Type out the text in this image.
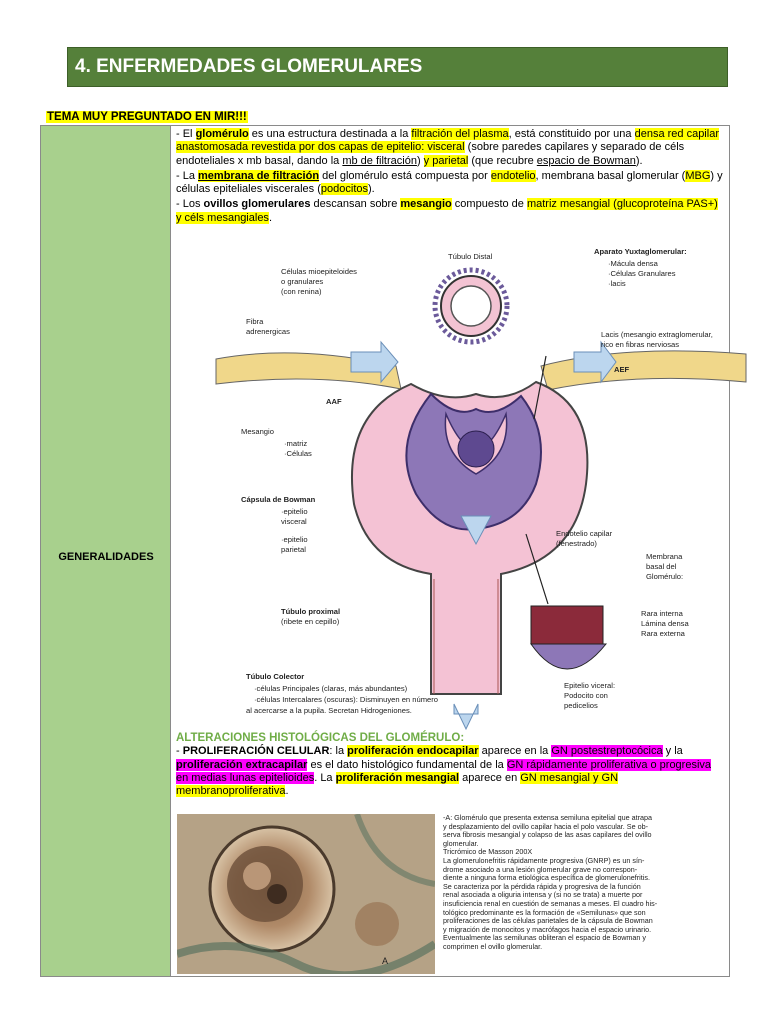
4. ENFERMEDADES GLOMERULARES
TEMA MUY PREGUNTADO EN MIR!!!
GENERALIDADES

- El glomérulo es una estructura destinada a la filtración del plasma, está constituido por una densa red capilar anastomosada revestida por dos capas de epitelio: visceral (sobre paredes capilares y separado de céls endoteliales x mb basal, dando la mb de filtración) y parietal (que recubre espacio de Bowman).

- La membrana de filtración del glomérulo está compuesta por endotelio, membrana basal glomerular (MBG) y células epiteliales viscerales (podocitos).

- Los ovillos glomerulares descansan sobre mesangio compuesto de matriz mesangial (glucoproteína PAS+) y céls mesangiales.

Túbulo Distal
Aparato Yuxtaglomerular:
·Mácula densa
·Células Granulares
·lacis
Células mioepiteloides
o granulares
(con renina)
Fibra
adrenergicas	Lacis (mesangio extraglomerular,
rico en fibras nerviosas
AEF
AAF
Mesangio
·matriz
·Células
Cápsula de Bowman
·epitelio
visceral
·epitelio
parietal
Endotelio capilar
(fenestrado)
Membrana
basal del
Glomérulo:
Rara interna
Lámina densa
Rara externa
Túbulo proximal
(ribete en cepillo)
Túbulo Colector
·células Principales (claras, más abundantes)
·células Intercalares (oscuras): Disminuyen en número
al acercarse a la pupila. Secretan Hidrogeniones.
Epitelio viceral:
Podocito con
pedicelios
ALTERACIONES HISTOLÓGICAS DEL GLOMÉRULO:

- PROLIFERACIÓN CELULAR: la proliferación endocapilar aparece en la GN postestreptocócica y la proliferación extracapilar es el dato histológico fundamental de la GN rápidamente proliferativa o progresiva en medias lunas epitelioides. La proliferación mesangial aparece en GN mesangial y GN membranoproliferativa.

A

-A: Glomérulo que presenta extensa semiluna epitelial que atrapa

y desplazamiento del ovillo capilar hacia el polo vascular. Se ob-

serva fibrosis mesangial y colapso de las asas capilares del ovillo

glomerular.

Tricrómico de Masson 200X

La glomerulonefritis rápidamente progresiva (GNRP) es un sín-

drome asociado a una lesión glomerular grave no correspon-

diente a ninguna forma etiológica específica de glomerulonefritis.

Se caracteriza por la pérdida rápida y progresiva de la función

renal asociada a oliguria intensa y (si no se trata) a muerte por

insuficiencia renal en cuestión de semanas a meses. El cuadro his-

tológico predominante es la formación de «Semilunas» que son

proliferaciones de las células parietales de la cápsula de Bowman

y migración de monocitos y macrófagos hacia el espacio urinario.

Eventualmente las semilunas obliteran el espacio de Bowman y

comprimen el ovillo glomerular.
